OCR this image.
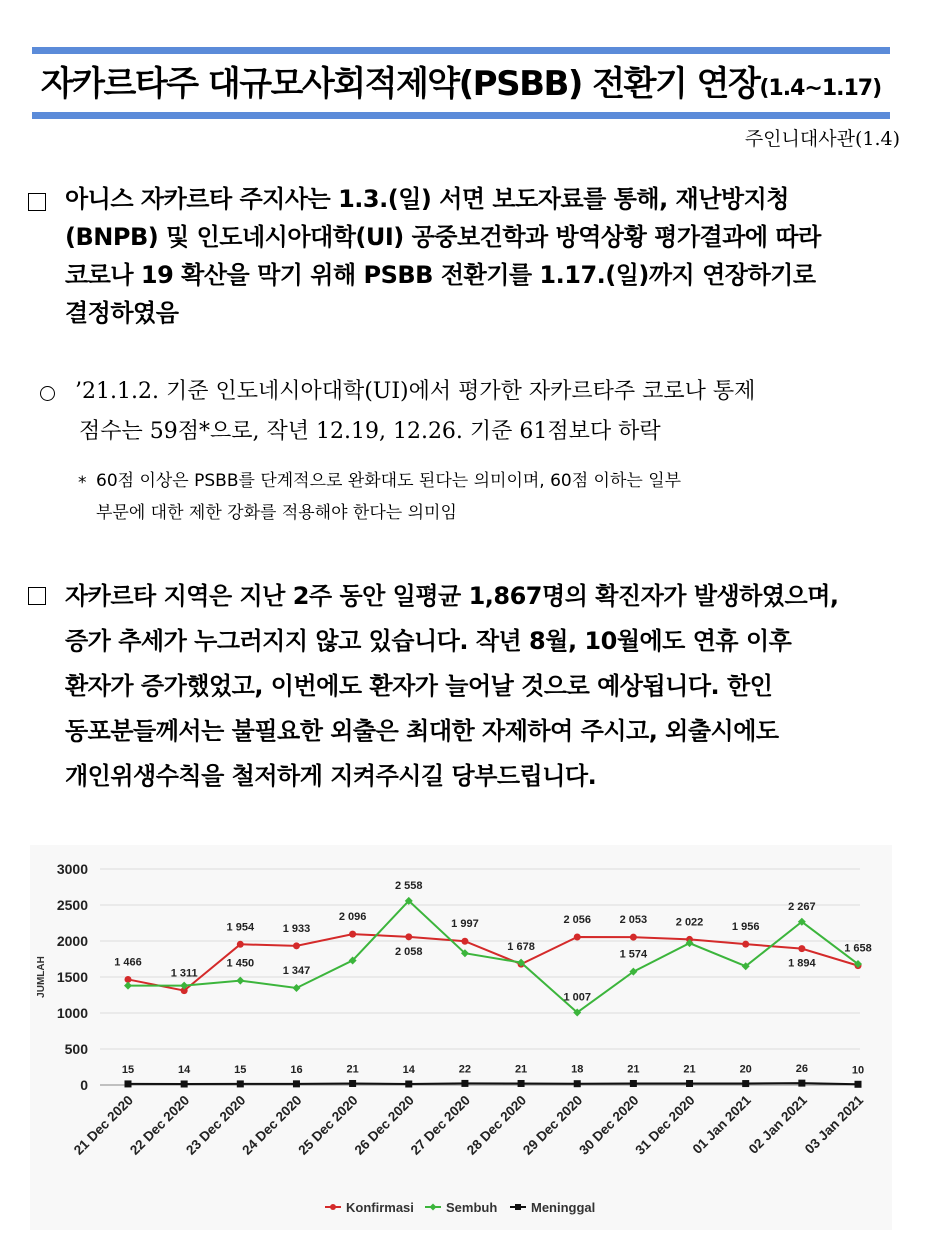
자카르타주 대규모사회적제약(PSBB) 전환기 연장(1.4~1.17)
주인니대사관(1.4)
아니스 자카르타 주지사는 1.3.(일) 서면 보도자료를 통해, 재난방지청
(BNPB) 및 인도네시아대학(UI) 공중보건학과 방역상황 평가결과에 따라
코로나 19 확산을 막기 위해 PSBB 전환기를 1.17.(일)까지 연장하기로
결정하였음
’21.1.2. 기준 인도네시아대학(UI)에서 평가한 자카르타주 코로나 통제
점수는 59점*으로, 작년 12.19, 12.26. 기준 61점보다 하락
* 60점 이상은 PSBB를 단계적으로 완화대도 된다는 의미이며, 60점 이하는 일부
부문에 대한 제한 강화를 적용해야 한다는 의미임
자카르타 지역은 지난 2주 동안 일평균 1,867명의 확진자가 발생하였으며,
증가 추세가 누그러지지 않고 있습니다. 작년 8월, 10월에도 연휴 이후
환자가 증가했었고, 이번에도 환자가 늘어날 것으로 예상됩니다. 한인
동포분들께서는 불필요한 외출은 최대한 자제하여 주시고, 외출시에도
개인위생수칙을 철저하게 지켜주시길 당부드립니다.
0
500
1000
1500
2000
2500
3000
JUMLAH
21 Dec 2020
22 Dec 2020
23 Dec 2020
24 Dec 2020
25 Dec 2020
26 Dec 2020
27 Dec 2020
28 Dec 2020
29 Dec 2020
30 Dec 2020
31 Dec 2020
01 Jan 2021
02 Jan 2021
03 Jan 2021
1 466
1 311
1 954	1 933
2 096
2 058
1 997
1 678
2 056	2 053	2 022	1 956
1 894
1 658
1 450
1 347
2 558
1 007
1 574
2 267
15	14	15	16	21	14	22	21	18	21	21	20	26	10
Konfirmasi Sembuh	Meninggal
